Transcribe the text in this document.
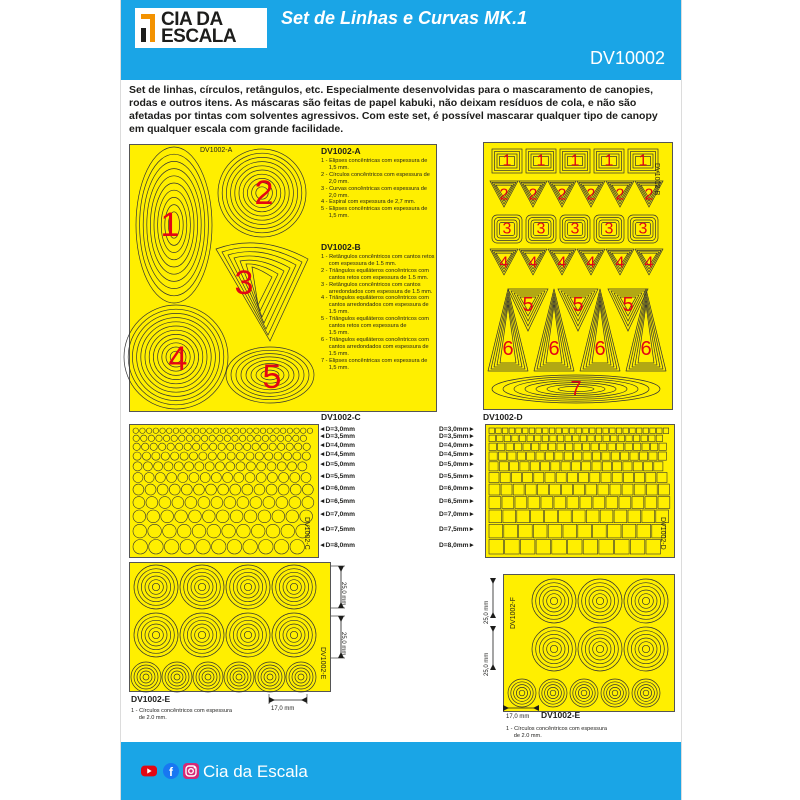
CIA DA
ESCALA
Set de Linhas e Curvas MK.1
DV10002
Set de linhas, círculos, retângulos, etc. Especialmente desenvolvidas para o mascaramento de canopies, rodas e outros itens. As máscaras são feitas de papel kabuki, não deixam resíduos de cola, e não são afetadas por tintas com solventes agressivos. Com este set, é possível mascarar qualquer tipo de canopy em qualquer escala com grande facilidade.
1
2
3
4 5
DV1002-A	DV1002-A
1 - Elipses concêntricas com espessura de
1,5 mm.
2 - Círculos concêntricos com espessura de
2,0 mm.
3 - Curvas concêntricas com espessura de
2,0 mm.
4 - Espiral com espessura de 2,7 mm.
5 - Elipses concêntricas com espessura de
1,5 mm.
DV1002-B
1 - Retângulos concêntricos com cantos retos
com espessura de 1.5 mm.
2 - Triângulos equiláteros concêntricos com
cantos retos com espessura de 1.5 mm.
3 - Retângulos concêntricos com cantos
arredondados com espessura de 1.5 mm.
4 - Triângulos equiláteros concêntricos com
cantos arredondados com espessura de
1.5 mm.
5 - Triângulos equiláteros concêntricos com
cantos retos com espessura de
1.5 mm.
6 - Triângulos equiláteros concêntricos com
cantos arredondados com espessura de
1.5 mm.
7 - Elipses concêntricas com espessura de
1,5 mm.
1 1 1 1 1
2 2 2 2 2 2
3 3 3 3 3
4 4 4 4 4 4
5 5 5
6 6 6 6
7
DV1002-B
DV1002-C
DV1002-C
◄D=3,0mm
◄D=3,5mm
◄D=4,0mm
◄D=4,5mm
◄D=5,0mm
◄D=5,5mm
◄D=6,0mm
◄D=6,5mm
◄D=7,0mm
◄D=7,5mm
◄D=8,0mm
DV1002-D
D=3,0mm►
D=3,5mm►
D=4,0mm►
D=4,5mm►
D=5,0mm►
D=5,5mm►
D=6,0mm►
D=6,5mm►
D=7,0mm►
D=7,5mm►
D=8,0mm►	DV1002-D
DV1002-E
25,0 mm
25,0 mm
17,0 mm
DV1002-E
1 - Círculos concêntricos com espessura
de 2.0 mm.
DV1002-F
25,0 mm
25,0 mm
17,0 mm DV1002-E
1 - Círculos concêntricos com espessura
de 2.0 mm.
f Cia da Escala
